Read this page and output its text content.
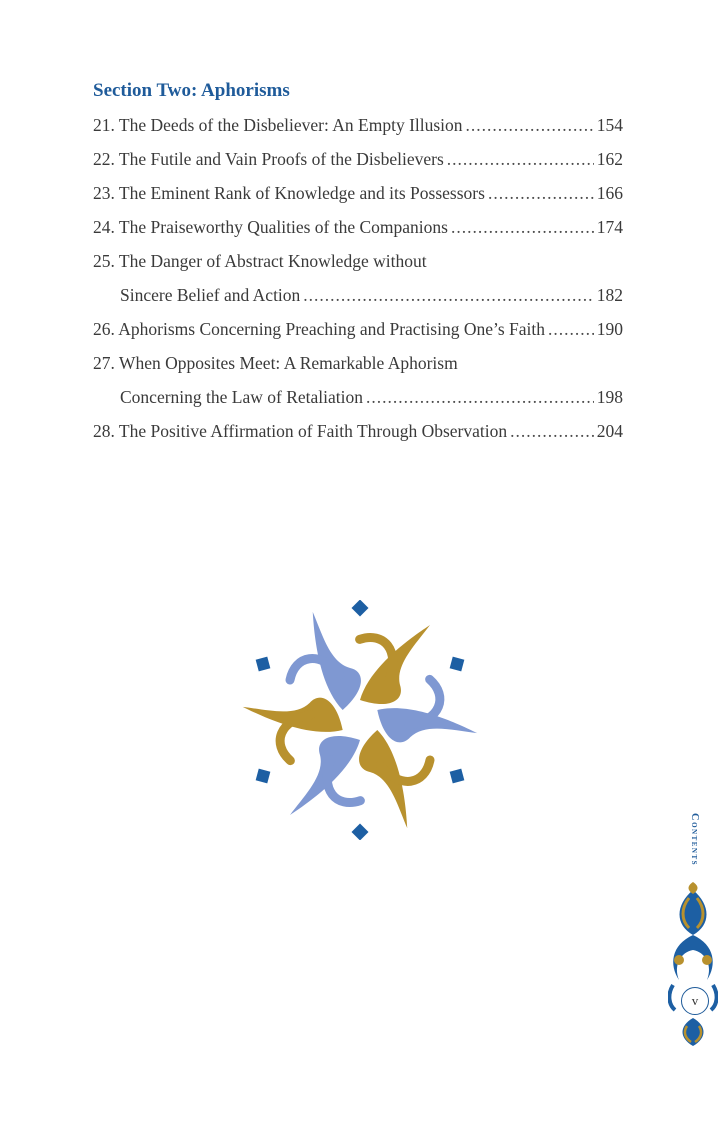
Section Two: Aphorisms
21. The Deeds of the Disbeliever: An Empty Illusion .....	154
22. The Futile and Vain Proofs of the Disbelievers .....	162
23. The Eminent Rank of Knowledge and its Possessors .....	166
24. The Praiseworthy Qualities of the Companions .....	174
25. The Danger of Abstract Knowledge without
Sincere Belief and Action .....	182
26. Aphorisms Concerning Preaching and Practising One’s Faith .....	190
27. When Opposites Meet: A Remarkable Aphorism
Concerning the Law of Retaliation .....	198
28. The Positive Affirmation of Faith Through Observation .....	204
Contents
v
